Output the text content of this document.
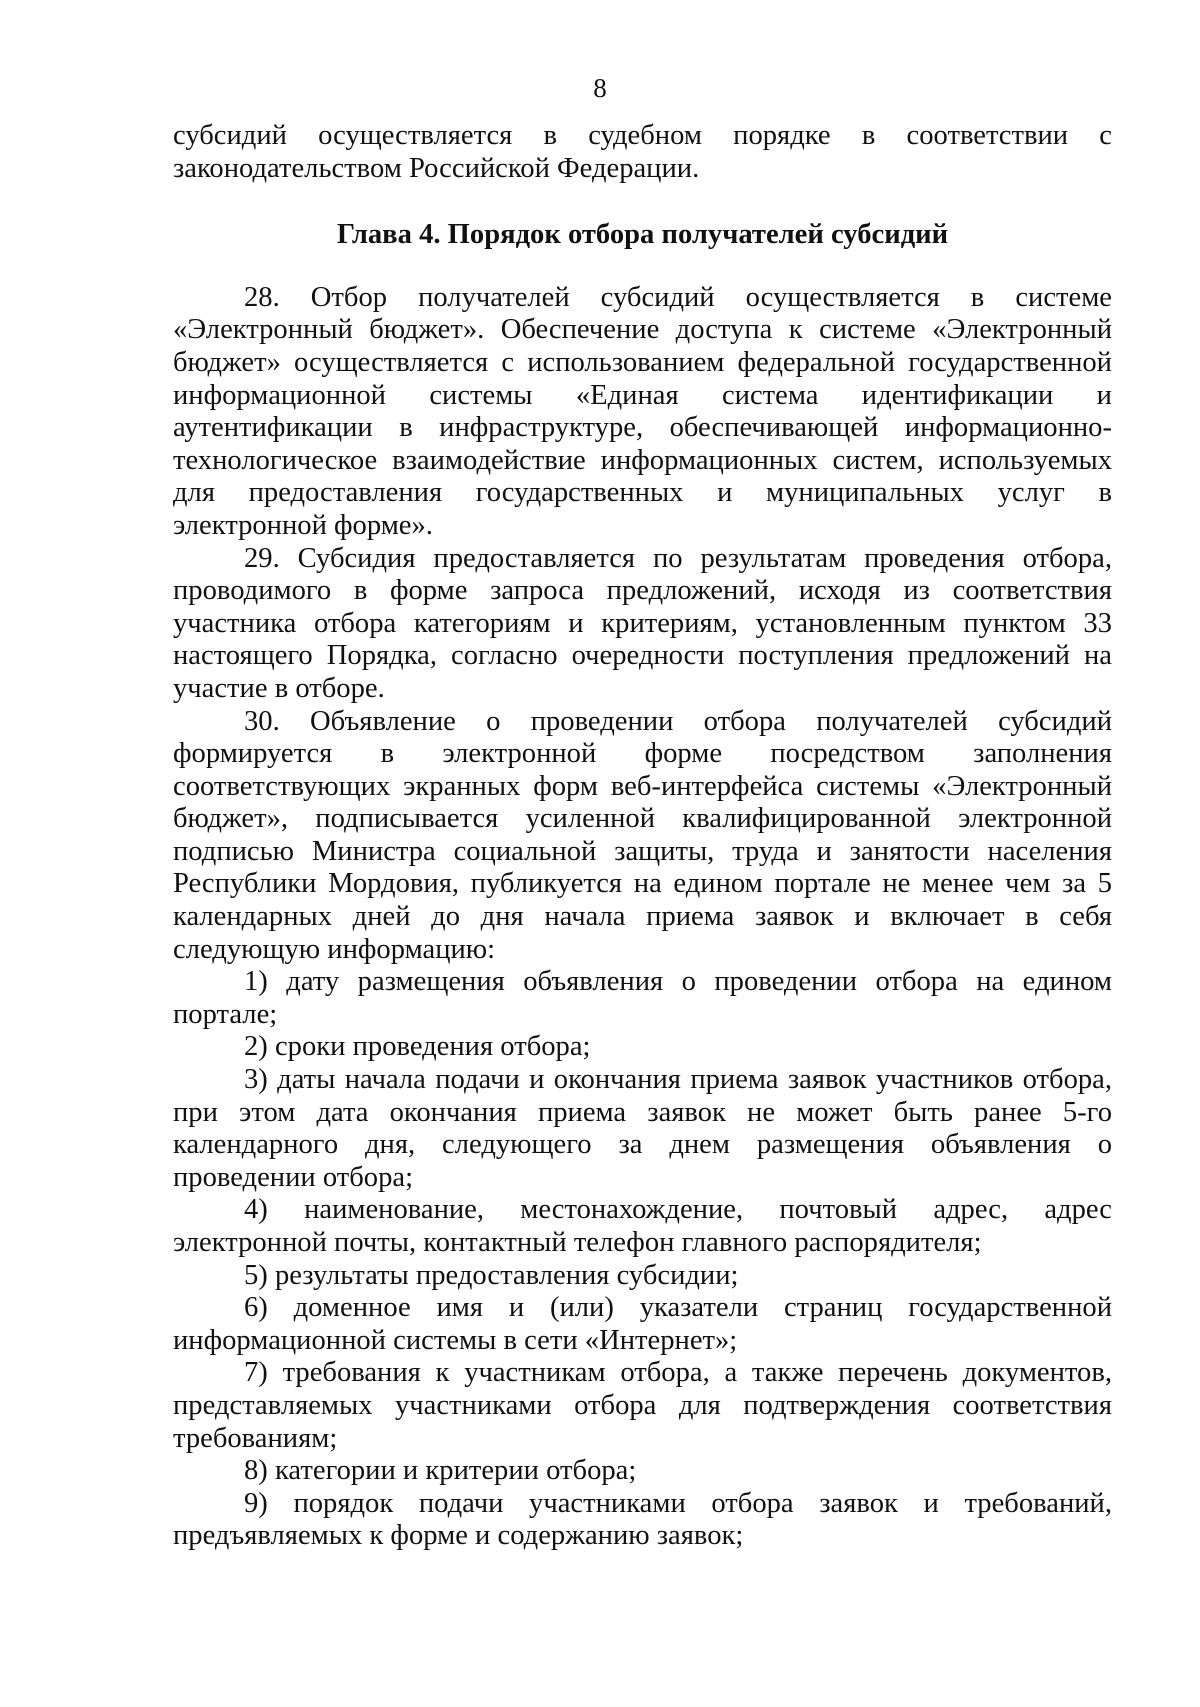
8

субсидий осуществляется в судебном порядке в соответствии с законодательством Российской Федерации.

Глава 4. Порядок отбора получателей субсидий

28. Отбор получателей субсидий осуществляется в системе «Электронный бюджет». Обеспечение доступа к системе «Электронный бюджет» осуществляется с использованием федеральной государственной информационной системы «Единая система идентификации и аутентификации в инфраструктуре, обеспечивающей информационно-технологическое взаимодействие информационных систем, используемых для предоставления государственных и муниципальных услуг в электронной форме».

29. Субсидия предоставляется по результатам проведения отбора, проводимого в форме запроса предложений, исходя из соответствия участника отбора категориям и критериям, установленным пунктом 33 настоящего Порядка, согласно очередности поступления предложений на участие в отборе.

30. Объявление о проведении отбора получателей субсидий формируется в электронной форме посредством заполнения соответствующих экранных форм веб-интерфейса системы «Электронный бюджет», подписывается усиленной квалифицированной электронной подписью Министра социальной защиты, труда и занятости населения Республики Мордовия, публикуется на едином портале не менее чем за 5 календарных дней до дня начала приема заявок и включает в себя следующую информацию:

1) дату размещения объявления о проведении отбора на едином портале;

2) сроки проведения отбора;

3) даты начала подачи и окончания приема заявок участников отбора, при этом дата окончания приема заявок не может быть ранее 5-го календарного дня, следующего за днем размещения объявления о проведении отбора;

4) наименование, местонахождение, почтовый адрес, адрес электронной почты, контактный телефон главного распорядителя;

5) результаты предоставления субсидии;

6) доменное имя и (или) указатели страниц государственной информационной системы в сети «Интернет»;

7) требования к участникам отбора, а также перечень документов, представляемых участниками отбора для подтверждения соответствия требованиям;

8) категории и критерии отбора;

9) порядок подачи участниками отбора заявок и требований, предъявляемых к форме и содержанию заявок;
